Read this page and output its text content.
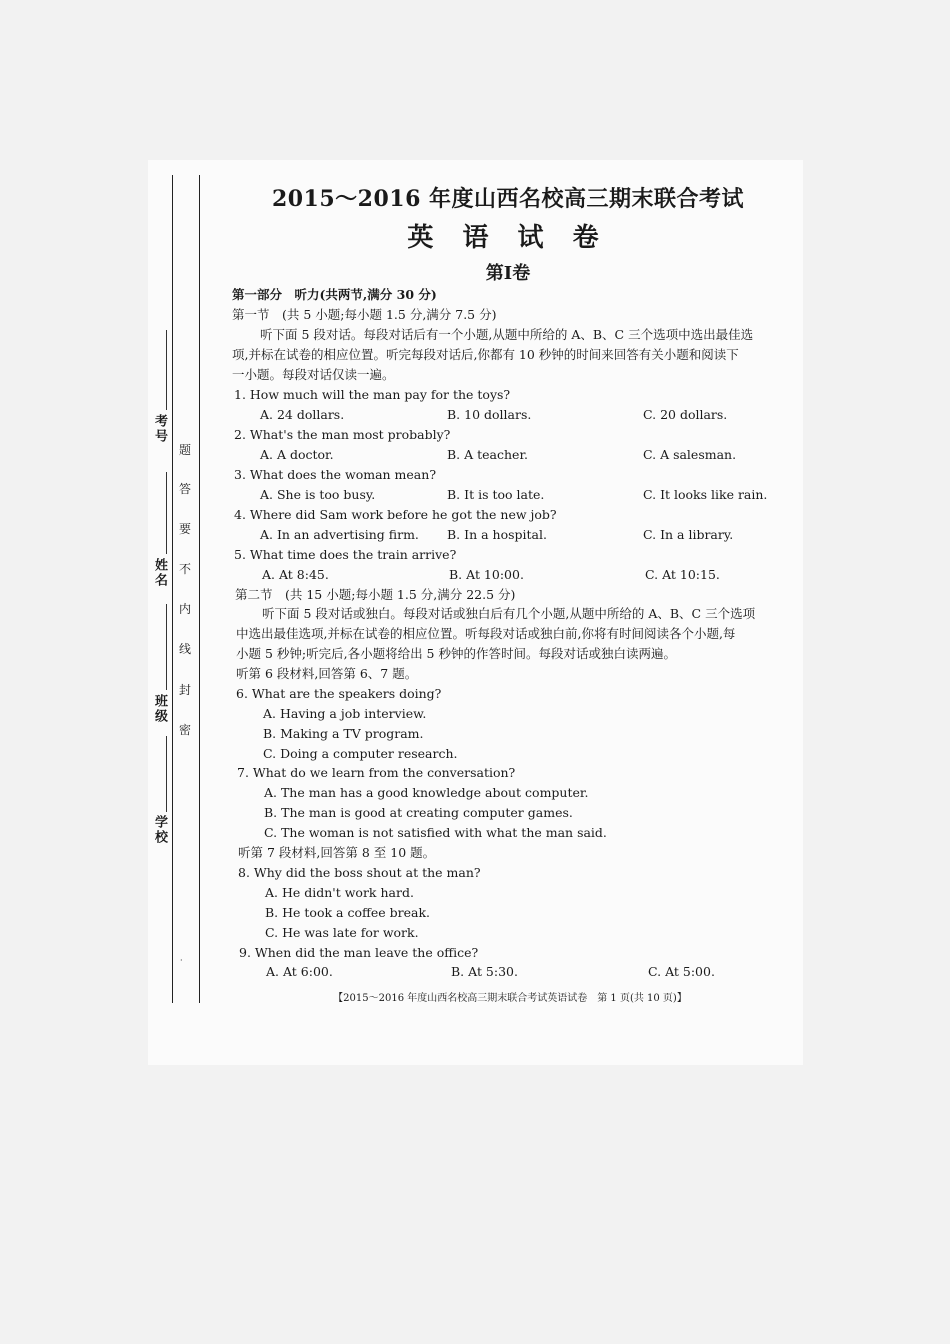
考号
姓名
班级
学校
题
答
要
不
内
线
封
密
·
2015～2016 年度山西名校高三期末联合考试
英 语 试 卷
第Ⅰ卷
第一部分　听力(共两节,满分 30 分)
第一节　(共 5 小题;每小题 1.5 分,满分 7.5 分)
听下面 5 段对话。每段对话后有一个小题,从题中所给的 A、B、C 三个选项中选出最佳选
项,并标在试卷的相应位置。听完每段对话后,你都有 10 秒钟的时间来回答有关小题和阅读下
一小题。每段对话仅读一遍。
1. How much will the man pay for the toys?
A. 24 dollars.	B. 10 dollars.	C. 20 dollars.
2. What's the man most probably?
A. A doctor.	B. A teacher.	C. A salesman.
3. What does the woman mean?
A. She is too busy.	B. It is too late.	C. It looks like rain.
4. Where did Sam work before he got the new job?
A. In an advertising firm. B. In a hospital.	C. In a library.
5. What time does the train arrive?
A. At 8:45.	B. At 10:00.	C. At 10:15.
第二节　(共 15 小题;每小题 1.5 分,满分 22.5 分)
听下面 5 段对话或独白。每段对话或独白后有几个小题,从题中所给的 A、B、C 三个选项
中选出最佳选项,并标在试卷的相应位置。听每段对话或独白前,你将有时间阅读各个小题,每
小题 5 秒钟;听完后,各小题将给出 5 秒钟的作答时间。每段对话或独白读两遍。
听第 6 段材料,回答第 6、7 题。
6. What are the speakers doing?
A. Having a job interview.
B. Making a TV program.
C. Doing a computer research.
7. What do we learn from the conversation?
A. The man has a good knowledge about computer.
B. The man is good at creating computer games.
C. The woman is not satisfied with what the man said.
听第 7 段材料,回答第 8 至 10 题。
8. Why did the boss shout at the man?
A. He didn't work hard.
B. He took a coffee break.
C. He was late for work.
9. When did the man leave the office?
A. At 6:00.	B. At 5:30.	C. At 5:00.
【2015～2016 年度山西名校高三期末联合考试英语试卷　第 1 页(共 10 页)】
